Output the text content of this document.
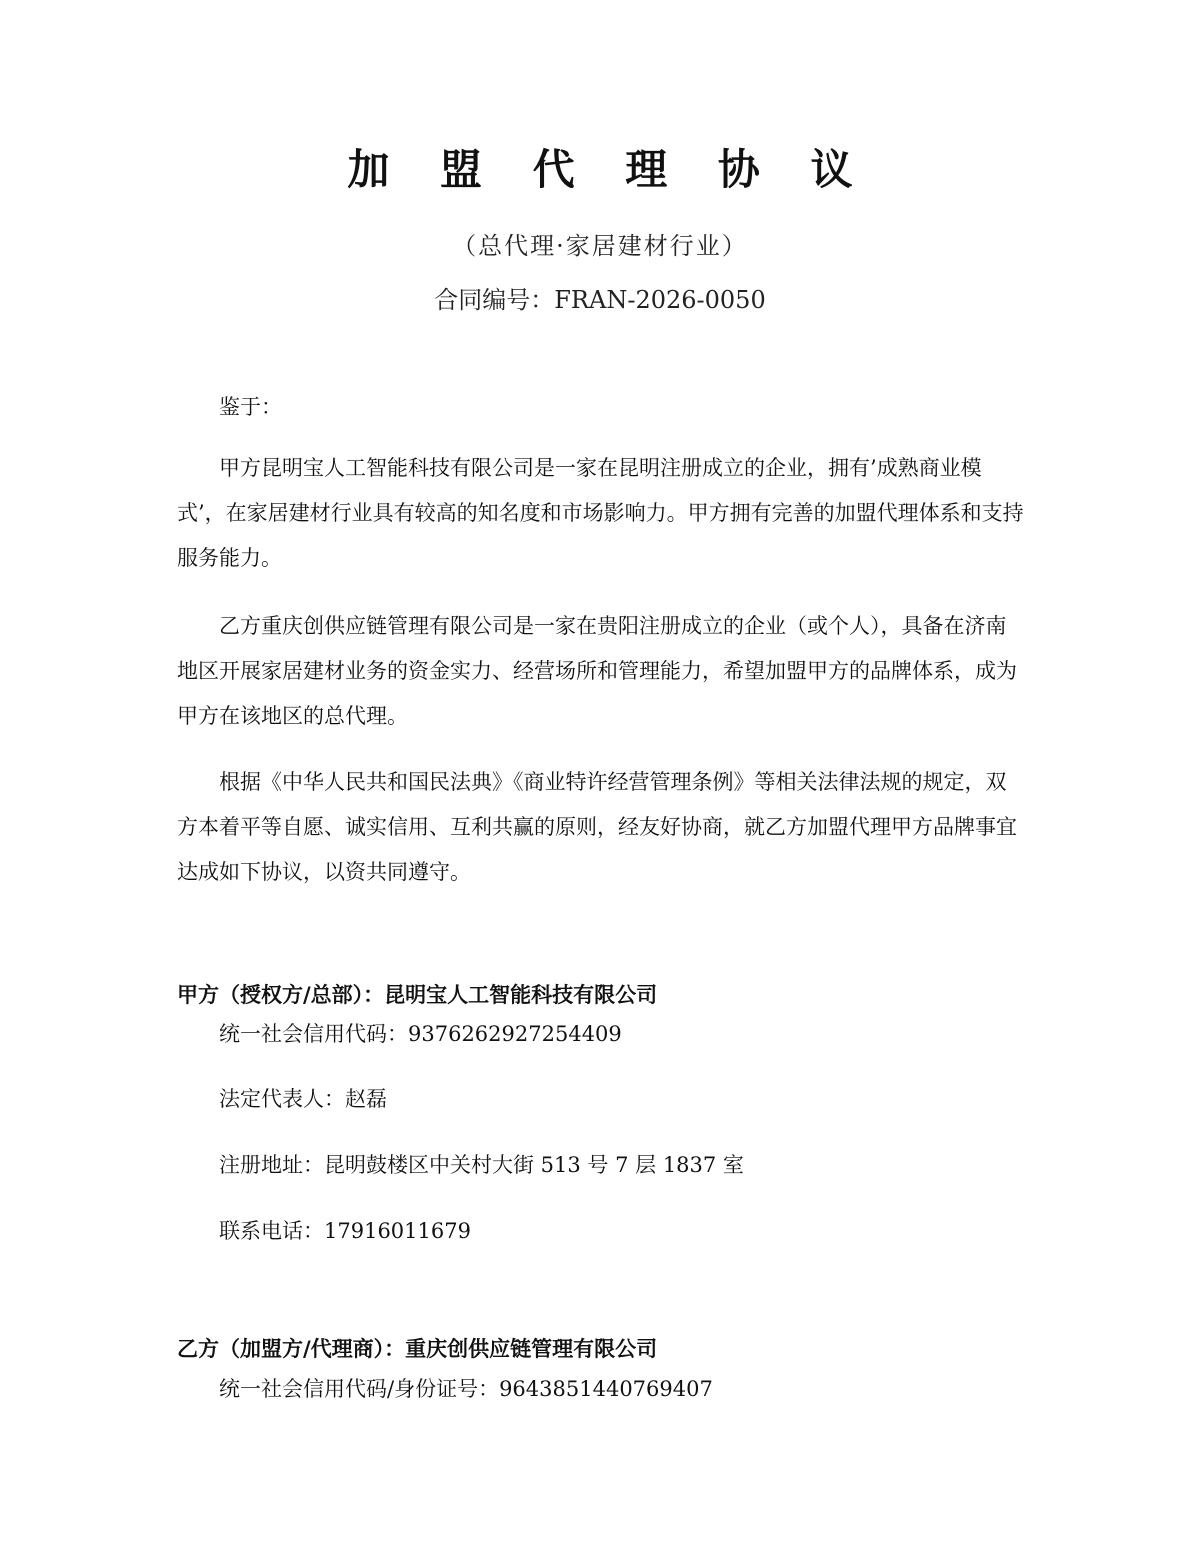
加 盟 代 理 协 议
（总代理·家居建材行业）
合同编号：FRAN-2026-0050

鉴于：

甲方昆明宝人工智能科技有限公司是一家在昆明注册成立的企业，拥有’成熟商业模式’，在家居建材行业具有较高的知名度和市场影响力。甲方拥有完善的加盟代理体系和支持服务能力。

乙方重庆创供应链管理有限公司是一家在贵阳注册成立的企业（或个人），具备在济南地区开展家居建材业务的资金实力、经营场所和管理能力，希望加盟甲方的品牌体系，成为甲方在该地区的总代理。

根据《中华人民共和国民法典》《商业特许经营管理条例》等相关法律法规的规定，双方本着平等自愿、诚实信用、互利共赢的原则，经友好协商，就乙方加盟代理甲方品牌事宜达成如下协议，以资共同遵守。

甲方（授权方/总部）：昆明宝人工智能科技有限公司
统一社会信用代码：9376262927254409
法定代表人：赵磊
注册地址：昆明鼓楼区中关村大街 513 号 7 层 1837 室
联系电话：17916011679
乙方（加盟方/代理商）：重庆创供应链管理有限公司
统一社会信用代码/身份证号：9643851440769407
